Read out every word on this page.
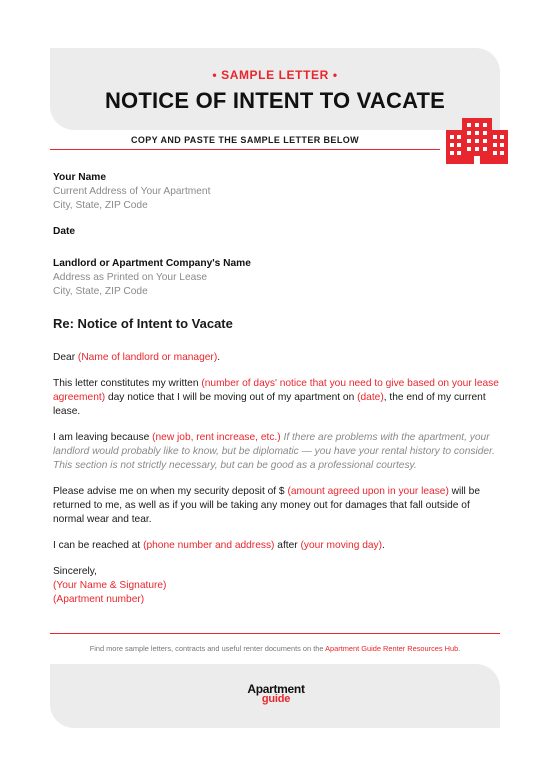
• SAMPLE LETTER •
NOTICE OF INTENT TO VACATE
COPY AND PASTE THE SAMPLE LETTER BELOW
Your Name
Current Address of Your Apartment
City, State, ZIP Code
Date
Landlord or Apartment Company's Name
Address as Printed on Your Lease
City, State, ZIP Code
Re: Notice of Intent to Vacate
Dear (Name of landlord or manager).
This letter constitutes my written (number of days' notice that you need to give based on your lease agreement) day notice that I will be moving out of my apartment on (date), the end of my current lease.
I am leaving because (new job, rent increase, etc.) If there are problems with the apartment, your landlord would probably like to know, but be diplomatic — you have your rental history to consider. This section is not strictly necessary, but can be good as a professional courtesy.
Please advise me on when my security deposit of $ (amount agreed upon in your lease) will be returned to me, as well as if you will be taking any money out for damages that fall outside of normal wear and tear.
I can be reached at (phone number and address) after (your moving day).
Sincerely,
(Your Name & Signature)
(Apartment number)
Find more sample letters, contracts and useful renter documents on the Apartment Guide Renter Resources Hub.
Apartment
guide
